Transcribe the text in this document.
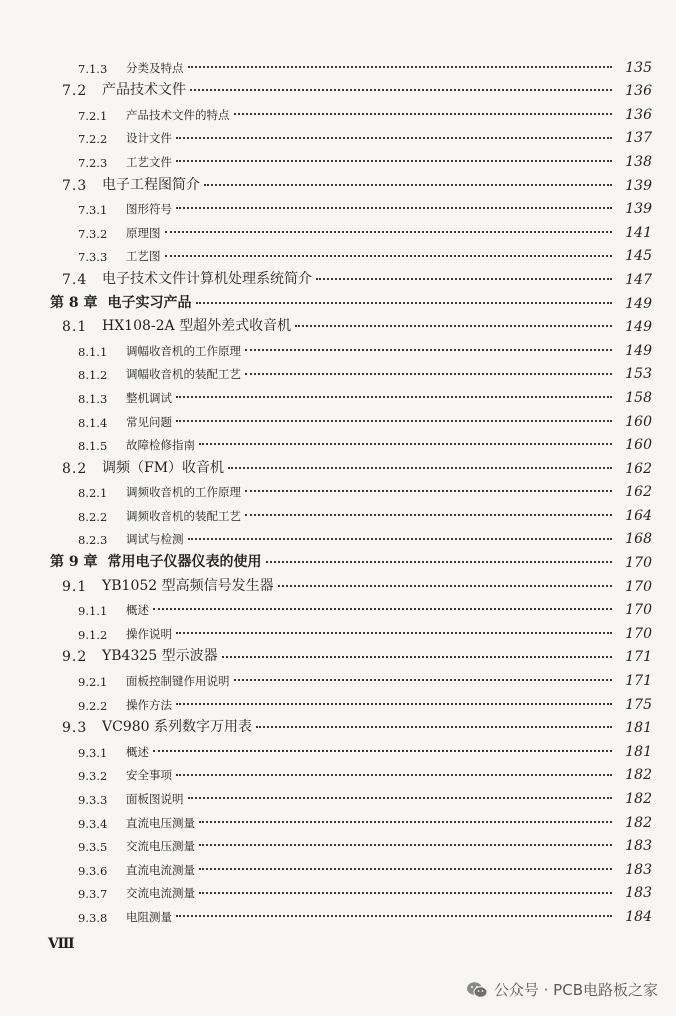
7.1.3	分类及特点	135
7.2	产品技术文件	136
7.2.1	产品技术文件的特点	136
7.2.2	设计文件	137
7.2.3	工艺文件	138
7.3	电子工程图简介	139
7.3.1	图形符号	139
7.3.2	原理图	141
7.3.3	工艺图	145
7.4	电子技术文件计算机处理系统简介	147
第 8 章 电子实习产品	149
8.1	HX108-2A 型超外差式收音机	149
8.1.1	调幅收音机的工作原理	149
8.1.2	调幅收音机的装配工艺	153
8.1.3	整机调试	158
8.1.4	常见问题	160
8.1.5	故障检修指南	160
8.2	调频（FM）收音机	162
8.2.1	调频收音机的工作原理	162
8.2.2	调频收音机的装配工艺	164
8.2.3	调试与检测	168
第 9 章 常用电子仪器仪表的使用	170
9.1	YB1052 型高频信号发生器	170
9.1.1	概述	170
9.1.2	操作说明	170
9.2	YB4325 型示波器	171
9.2.1	面板控制键作用说明	171
9.2.2	操作方法	175
9.3	VC980 系列数字万用表	181
9.3.1	概述	181
9.3.2	安全事项	182
9.3.3	面板图说明	182
9.3.4	直流电压测量	182
9.3.5	交流电压测量	183
9.3.6	直流电流测量	183
9.3.7	交流电流测量	183
9.3.8	电阻测量	184
Ⅷ
公众号 · PCB电路板之家
